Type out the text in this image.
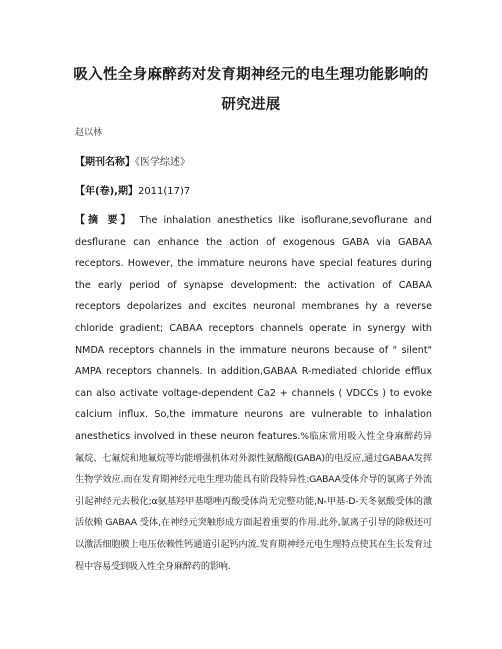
吸入性全身麻醉药对发育期神经元的电生理功能影响的研究进展
赵以林
【期刊名称】《医学综述》
【年(卷),期】2011(17)7
【摘 要】 The inhalation anesthetics like isoflurane,sevoflurane and desflurane can enhance the action of exogenous GABA via GABAA receptors. However, the immature neurons have special features during the early period of synapse development: the activation of CABAA receptors depolarizes and excites neuronal membranes hy a reverse chloride gradient; CABAA receptors channels operate in synergy with NMDA receptors channels in the immature neurons because of " silent" AMPA receptors channels. In addition,GABAA R-mediated chloride efflux can also activate voltage-dependent Ca2 + channels ( VDCCs ) to evoke calcium influx. So,the immature neurons are vulnerable to inhalation anesthetics involved in these neuron features.%临床常用吸入性全身麻醉药异氟烷、七氟烷和地氟烷等均能增强机体对外源性氨酪酸(GABA)的电反应,通过GABAA发挥生物学效应.而在发育期神经元电生理功能具有阶段特异性:GABAA受体介导的氯离子外流引起神经元去极化;α氨基羟甲基噁唑丙酸受体尚无完整功能,N-甲基-D-天冬氨酸受体的激活依赖 GABAA 受体,在神经元突触形成方面起着重要的作用.此外,氯离子引导的除极还可以激活细胞膜上电压依赖性钙通道引起钙内流.发育期神经元电生理特点使其在生长发育过程中容易受到吸入性全身麻醉药的影响.
